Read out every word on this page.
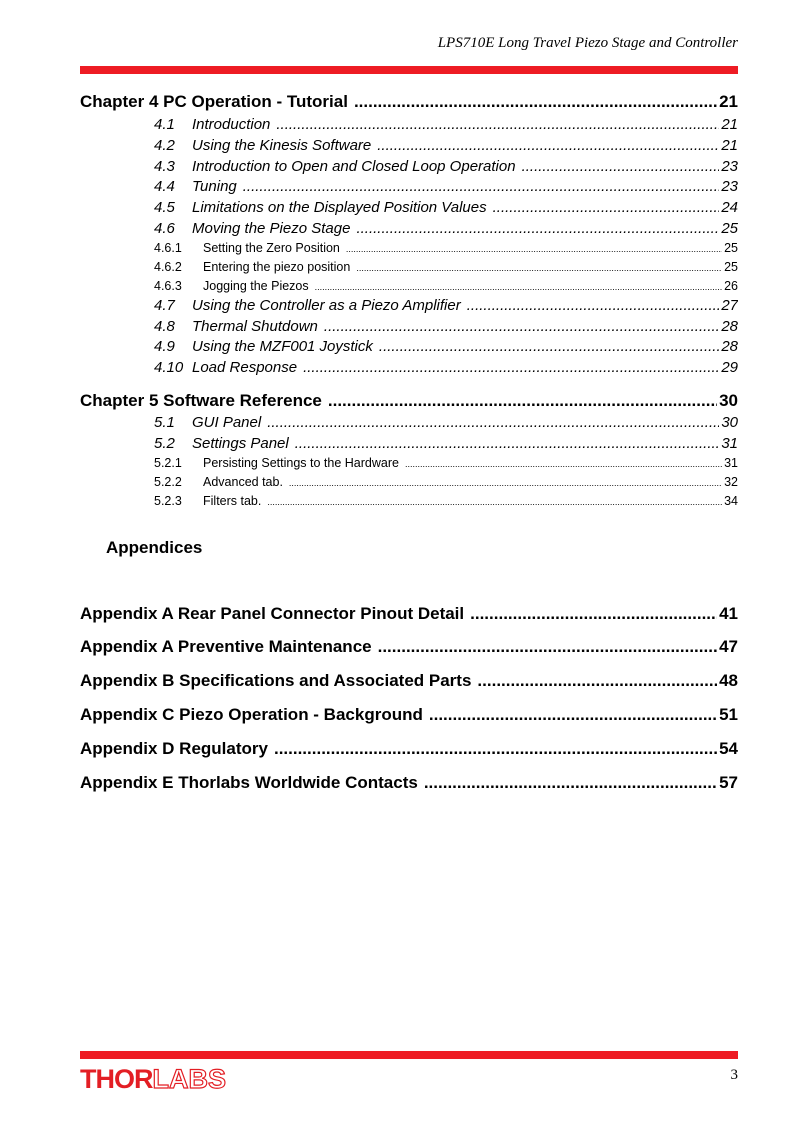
LPS710E Long Travel Piezo Stage and Controller
Chapter 4 PC Operation - Tutorial .....	21
4.1 Introduction .....	21
4.2 Using the Kinesis Software .....	21
4.3 Introduction to Open and Closed Loop Operation .....	23
4.4 Tuning .....	23
4.5 Limitations on the Displayed Position Values .....	24
4.6 Moving the Piezo Stage .....	25
4.6.1 Setting the Zero Position .....	25
4.6.2 Entering the piezo position .....	25
4.6.3 Jogging the Piezos .....	26
4.7 Using the Controller as a Piezo Amplifier .....	27
4.8 Thermal Shutdown .....	28
4.9 Using the MZF001 Joystick .....	28
4.10 Load Response .....	29
Chapter 5 Software Reference .....	30
5.1 GUI Panel .....	30
5.2 Settings Panel .....	31
5.2.1 Persisting Settings to the Hardware .....	31
5.2.2 Advanced tab. .....	32
5.2.3 Filters tab. .....	34
Appendices
Appendix A Rear Panel Connector Pinout Detail .....	41
Appendix A Preventive Maintenance .....	47
Appendix B Specifications and Associated Parts .....	48
Appendix C Piezo Operation - Background .....	51
Appendix D Regulatory .....	54
Appendix E Thorlabs Worldwide Contacts .....	57
THOR LABS	3
